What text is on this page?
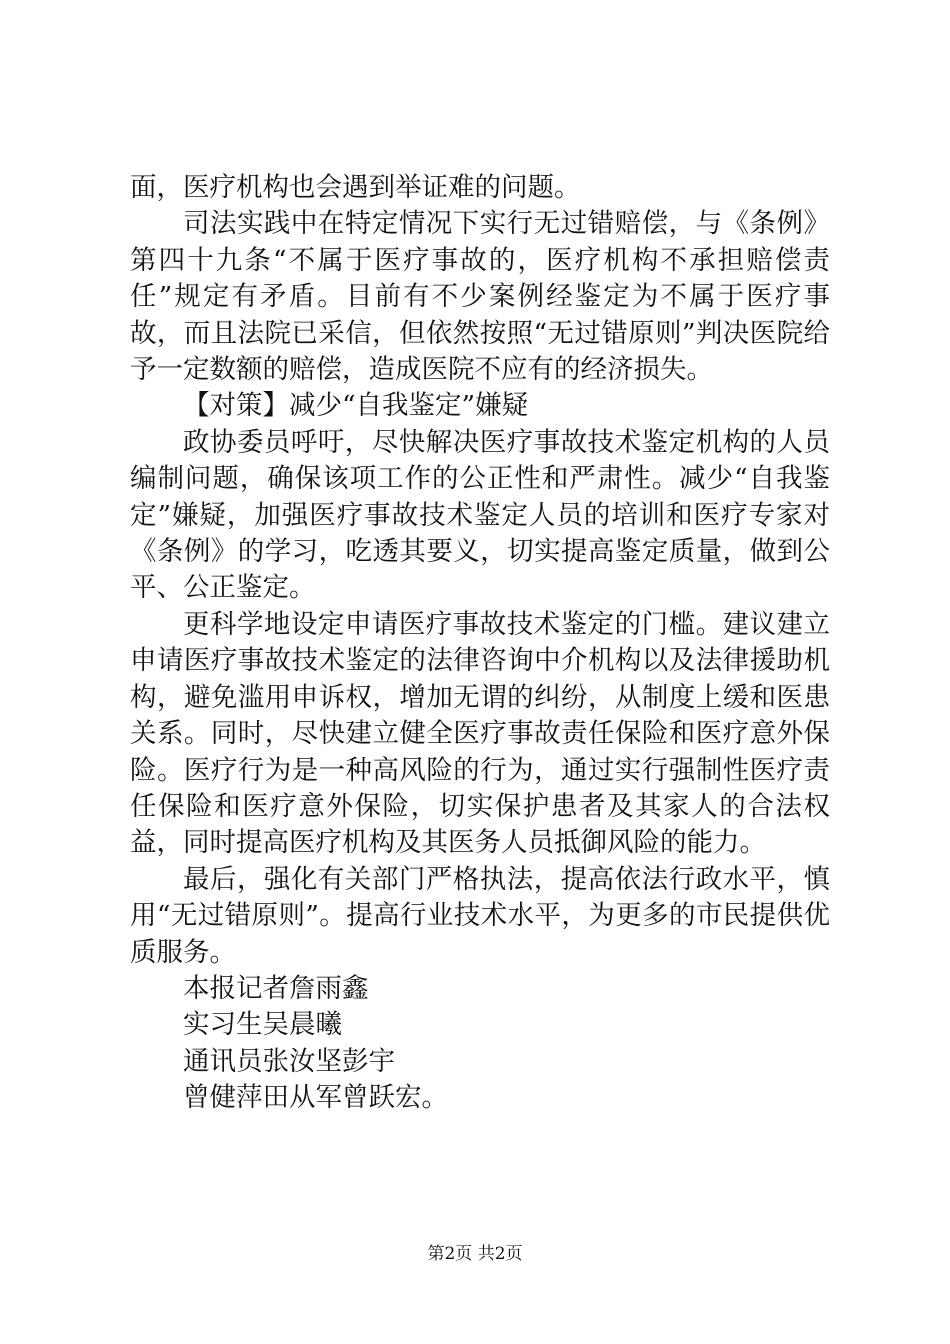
面，医疗机构也会遇到举证难的问题。

司法实践中在特定情况下实行无过错赔偿，与《条例》第四十九条“不属于医疗事故的，医疗机构不承担赔偿责任”规定有矛盾。目前有不少案例经鉴定为不属于医疗事故，而且法院已采信，但依然按照“无过错原则”判决医院给予一定数额的赔偿，造成医院不应有的经济损失。

【对策】减少“自我鉴定”嫌疑

政协委员呼吁，尽快解决医疗事故技术鉴定机构的人员编制问题，确保该项工作的公正性和严肃性。减少“自我鉴定”嫌疑，加强医疗事故技术鉴定人员的培训和医疗专家对《条例》的学习，吃透其要义，切实提高鉴定质量，做到公平、公正鉴定。

更科学地设定申请医疗事故技术鉴定的门槛。建议建立申请医疗事故技术鉴定的法律咨询中介机构以及法律援助机构，避免滥用申诉权，增加无谓的纠纷，从制度上缓和医患关系。同时，尽快建立健全医疗事故责任保险和医疗意外保险。医疗行为是一种高风险的行为，通过实行强制性医疗责任保险和医疗意外保险，切实保护患者及其家人的合法权益，同时提高医疗机构及其医务人员抵御风险的能力。

最后，强化有关部门严格执法，提高依法行政水平，慎用“无过错原则”。提高行业技术水平，为更多的市民提供优质服务。

本报记者詹雨鑫

实习生吴晨曦

通讯员张汝坚彭宇

曾健萍田从军曾跃宏。

第2页 共2页
